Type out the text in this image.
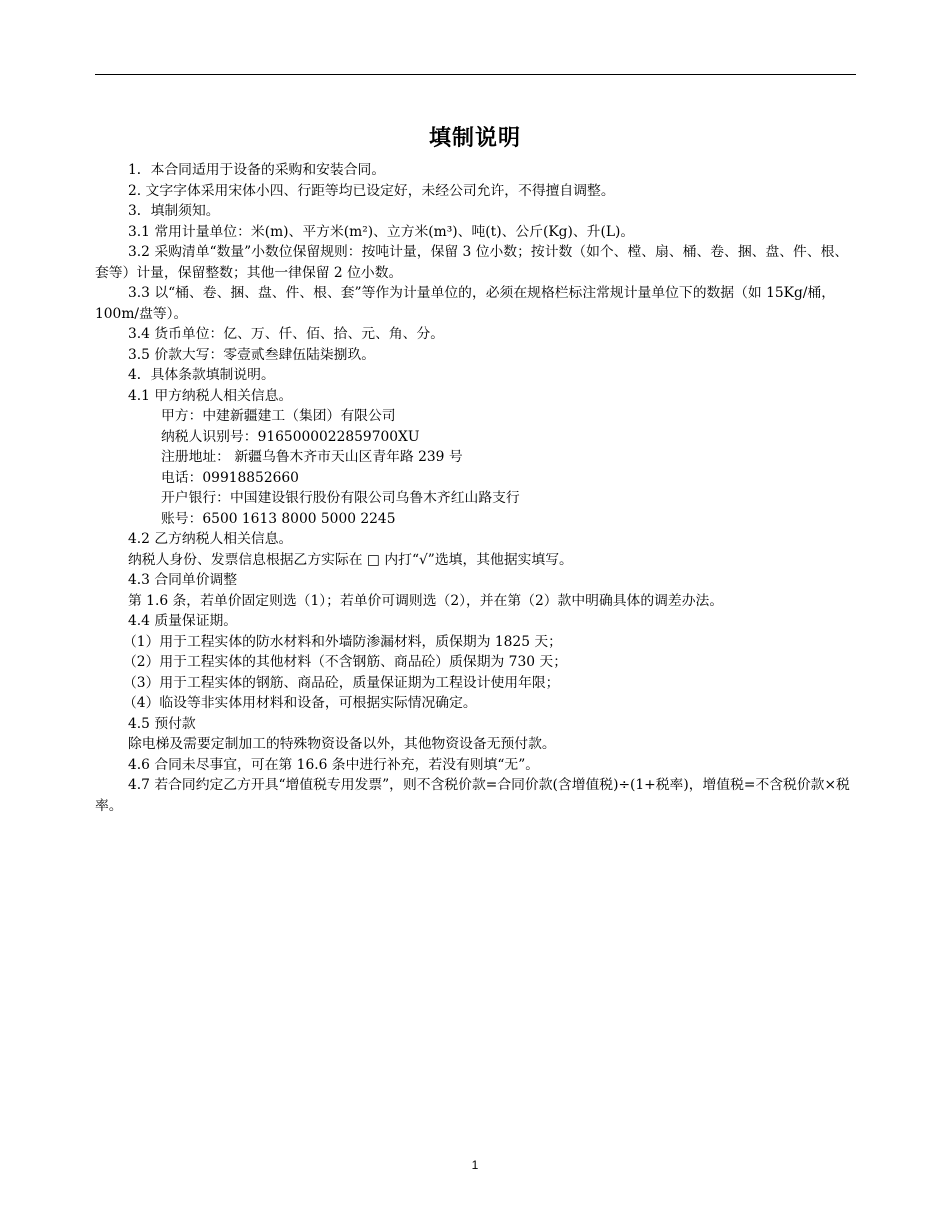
填制说明

1．本合同适用于设备的采购和安装合同。

2. 文字字体采用宋体小四、行距等均已设定好，未经公司允许，不得擅自调整。

3．填制须知。

3.1 常用计量单位：米(m)、平方米(m²)、立方米(m³)、吨(t)、公斤(Kg)、升(L)。

3.2 采购清单“数量”小数位保留规则：按吨计量，保留 3 位小数；按计数（如个、樘、扇、桶、卷、捆、盘、件、根、套等）计量，保留整数；其他一律保留 2 位小数。

3.3 以“桶、卷、捆、盘、件、根、套”等作为计量单位的，必须在规格栏标注常规计量单位下的数据（如 15Kg/桶，100m/盘等）。

3.4 货币单位：亿、万、仟、佰、拾、元、角、分。

3.5 价款大写：零壹贰叁肆伍陆柒捌玖。

4．具体条款填制说明。

4.1 甲方纳税人相关信息。

甲方：中建新疆建工（集团）有限公司

纳税人识别号：9165000022859700XU

注册地址： 新疆乌鲁木齐市天山区青年路 239 号

电话：09918852660

开户银行：中国建设银行股份有限公司乌鲁木齐红山路支行

账号：6500 1613 8000 5000 2245

4.2 乙方纳税人相关信息。

纳税人身份、发票信息根据乙方实际在 □ 内打“√”选填，其他据实填写。

4.3 合同单价调整

第 1.6 条，若单价固定则选（1）；若单价可调则选（2），并在第（2）款中明确具体的调差办法。

4.4 质量保证期。

（1）用于工程实体的防水材料和外墙防渗漏材料，质保期为 1825 天；

（2）用于工程实体的其他材料（不含钢筋、商品砼）质保期为 730 天；

（3）用于工程实体的钢筋、商品砼，质量保证期为工程设计使用年限；

（4）临设等非实体用材料和设备，可根据实际情况确定。

4.5 预付款

除电梯及需要定制加工的特殊物资设备以外，其他物资设备无预付款。

4.6 合同未尽事宜，可在第 16.6 条中进行补充，若没有则填“无”。

4.7 若合同约定乙方开具“增值税专用发票”，则不含税价款=合同价款(含增值税)÷(1+税率)，增值税=不含税价款×税率。

1
